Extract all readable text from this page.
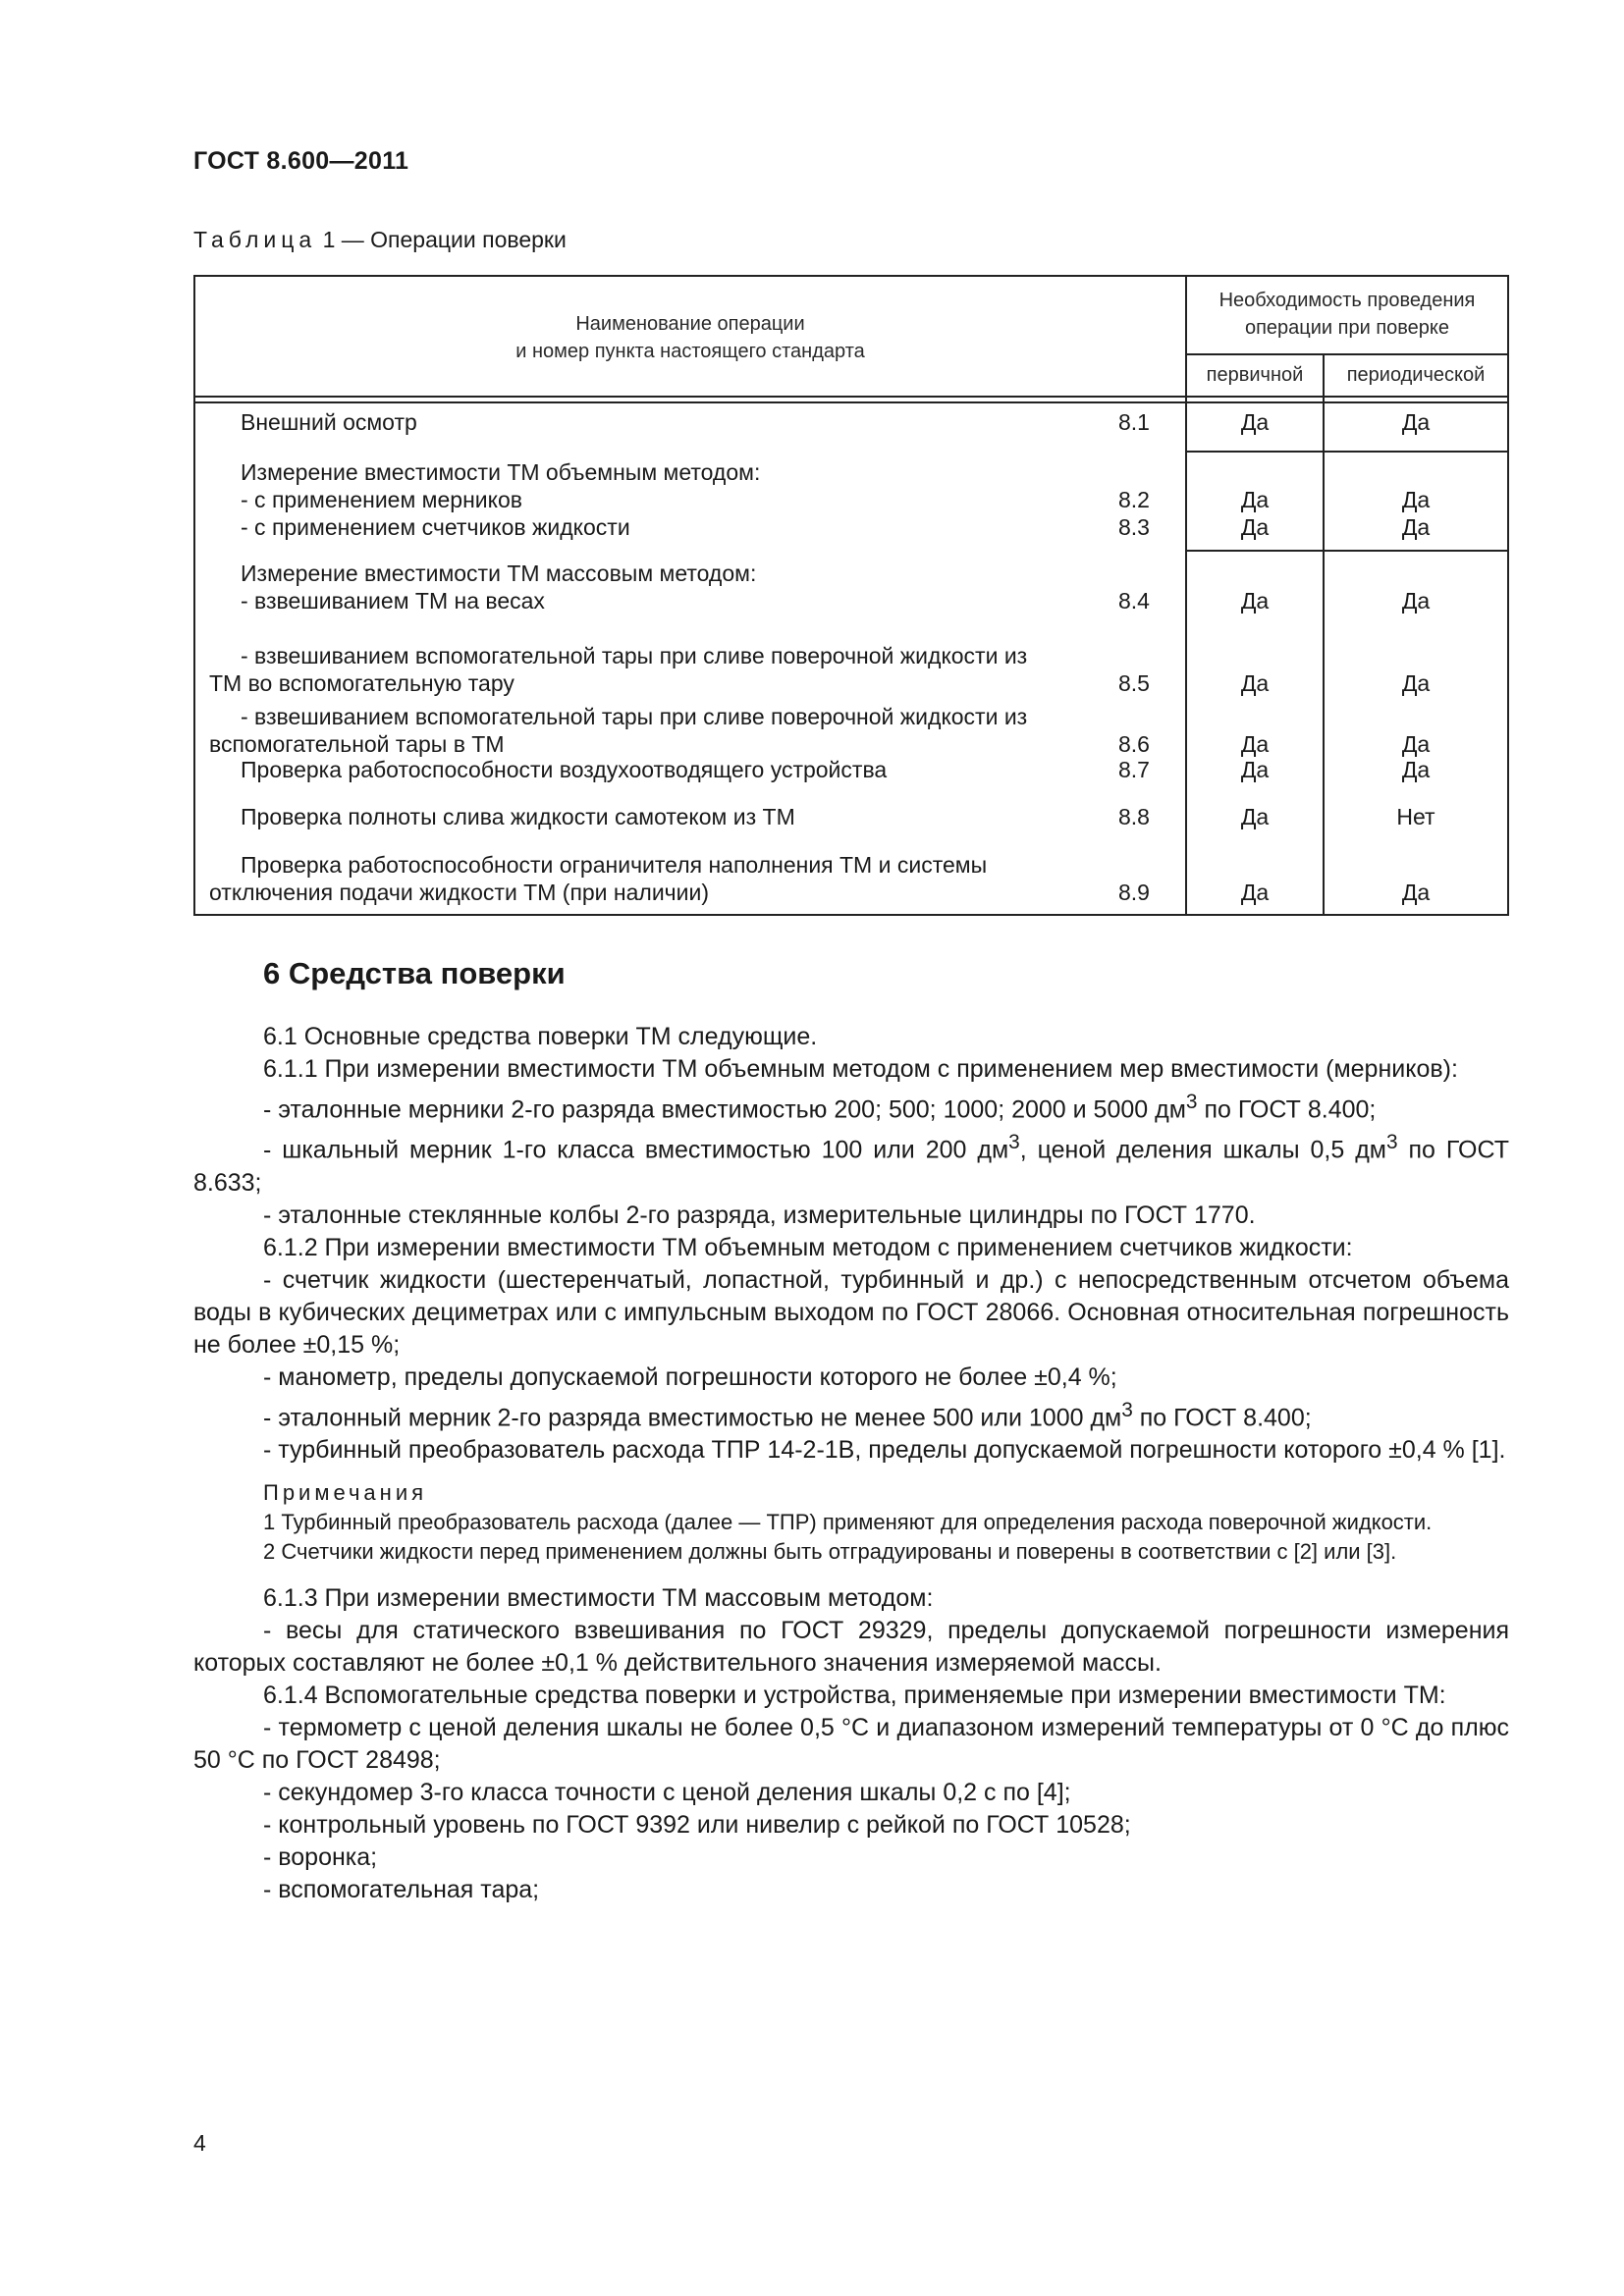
ГОСТ 8.600—2011
Таблица 1 — Операции поверки
Наименование операции
и номер пункта настоящего стандарта
Необходимость проведения
операции при поверке
первичной	периодической
Внешний осмотр	8.1	Да	Да
Измерение вместимости ТМ объемным методом:
- с применением мерников	8.2	Да	Да
- с применением счетчиков жидкости	8.3	Да	Да
Измерение вместимости ТМ массовым методом:
- взвешиванием ТМ на весах	8.4	Да	Да
- взвешиванием вспомогательной тары при сливе поверочной жидкости из
ТМ во вспомогательную тару	8.5	Да	Да
- взвешиванием вспомогательной тары при сливе поверочной жидкости из
вспомогательной тары в ТМ	8.6	Да	Да
Проверка работоспособности воздухоотводящего устройства	8.7	Да	Да
Проверка полноты слива жидкости самотеком из ТМ	8.8	Да	Нет
Проверка работоспособности ограничителя наполнения ТМ и системы
отключения подачи жидкости ТМ (при наличии)	8.9	Да	Да
6 Средства поверки

6.1 Основные средства поверки ТМ следующие.

6.1.1 При измерении вместимости ТМ объемным методом с применением мер вместимости (мерников):

- эталонные мерники 2-го разряда вместимостью 200; 500; 1000; 2000 и 5000 $дм^3$ по ГОСТ 8.400;

- шкальный мерник 1-го класса вместимостью 100 или 200 $дм^3$, ценой деления шкалы 0,5 $дм^3$ по ГОСТ 8.633;

- эталонные стеклянные колбы 2-го разряда, измерительные цилиндры по ГОСТ 1770.

6.1.2 При измерении вместимости ТМ объемным методом с применением счетчиков жидкости:

- счетчик жидкости (шестеренчатый, лопастной, турбинный и др.) с непосредственным отсчетом объема воды в кубических дециметрах или с импульсным выходом по ГОСТ 28066. Основная относительная погрешность не более ±0,15 %;

- манометр, пределы допускаемой погрешности которого не более ±0,4 %;

- эталонный мерник 2-го разряда вместимостью не менее 500 или 1000 $дм^3$ по ГОСТ 8.400;

- турбинный преобразователь расхода ТПР 14-2-1В, пределы допускаемой погрешности которого ±0,4 % [1].

Примечания

1 Турбинный преобразователь расхода (далее — ТПР) применяют для определения расхода поверочной жидкости.

2 Счетчики жидкости перед применением должны быть отградуированы и поверены в соответствии с [2] или [3].

6.1.3 При измерении вместимости ТМ массовым методом:

- весы для статического взвешивания по ГОСТ 29329, пределы допускаемой погрешности измерения которых составляют не более ±0,1 % действительного значения измеряемой массы.

6.1.4 Вспомогательные средства поверки и устройства, применяемые при измерении вместимости ТМ:

- термометр с ценой деления шкалы не более 0,5 °С и диапазоном измерений температуры от 0 °С до плюс 50 °С по ГОСТ 28498;

- секундомер 3-го класса точности с ценой деления шкалы 0,2 с по [4];

- контрольный уровень по ГОСТ 9392 или нивелир с рейкой по ГОСТ 10528;

- воронка;

- вспомогательная тара;

4
